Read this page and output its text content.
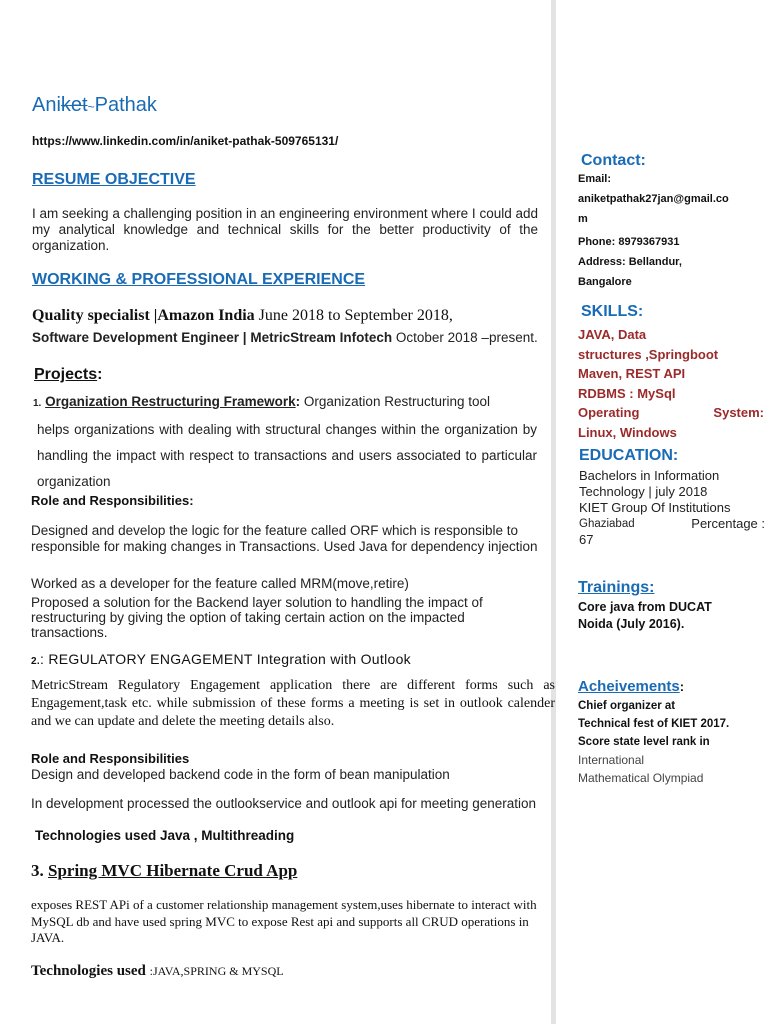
Aniket~Pathak
https://www.linkedin.com/in/aniket-pathak-509765131/
RESUME OBJECTIVE
I am seeking a challenging position in an engineering environment where I could add my analytical knowledge and technical skills for the better productivity of the organization.
WORKING & PROFESSIONAL EXPERIENCE
Quality specialist |Amazon India June 2018 to September 2018,
Software Development Engineer | MetricStream Infotech October 2018 –present.
Projects:
1. Organization Restructuring Framework: Organization Restructuring tool
helps organizations with dealing with structural changes within the organization by handling the impact with respect to transactions and users associated to particular organization
Role and Responsibilities:
Designed and develop the logic for the feature called ORF which is responsible to responsible for making changes in Transactions. Used Java for dependency injection
Worked as a developer for the feature called MRM(move,retire)
Proposed a solution for the Backend layer solution to handling the impact of restructuring by giving the option of taking certain action on the impacted transactions.
2.: REGULATORY ENGAGEMENT Integration with Outlook
MetricStream Regulatory Engagement application there are different forms such as Engagement,task etc. while submission of these forms a meeting is set in outlook calender and we can update and delete the meeting details also.
Role and Responsibilities
Design and developed backend code in the form of bean manipulation
In development processed the outlookservice and outlook api for meeting generation
Technologies used Java , Multithreading
3. Spring MVC Hibernate Crud App
exposes REST APi of a customer relationship management system,uses hibernate to interact with MySQL db and have used spring MVC to expose Rest api and supports all CRUD operations in JAVA.
Technologies used :JAVA,SPRING & MYSQL
Contact:
Email:
aniketpathak27jan@gmail.co
m
Phone: 8979367931
Address: Bellandur,
Bangalore
SKILLS:
JAVA, Data
structures ,Springboot
Maven, REST API
RDBMS : MySql
Operating	System:
Linux, Windows
EDUCATION:
Bachelors in Information
Technology | july 2018
KIET Group Of Institutions
Ghaziabad	Percentage :
67
Trainings:
Core java from DUCAT
Noida (July 2016).
Acheivements:
Chief organizer at
Technical fest of KIET 2017.
Score state level rank in
International
Mathematical Olympiad
